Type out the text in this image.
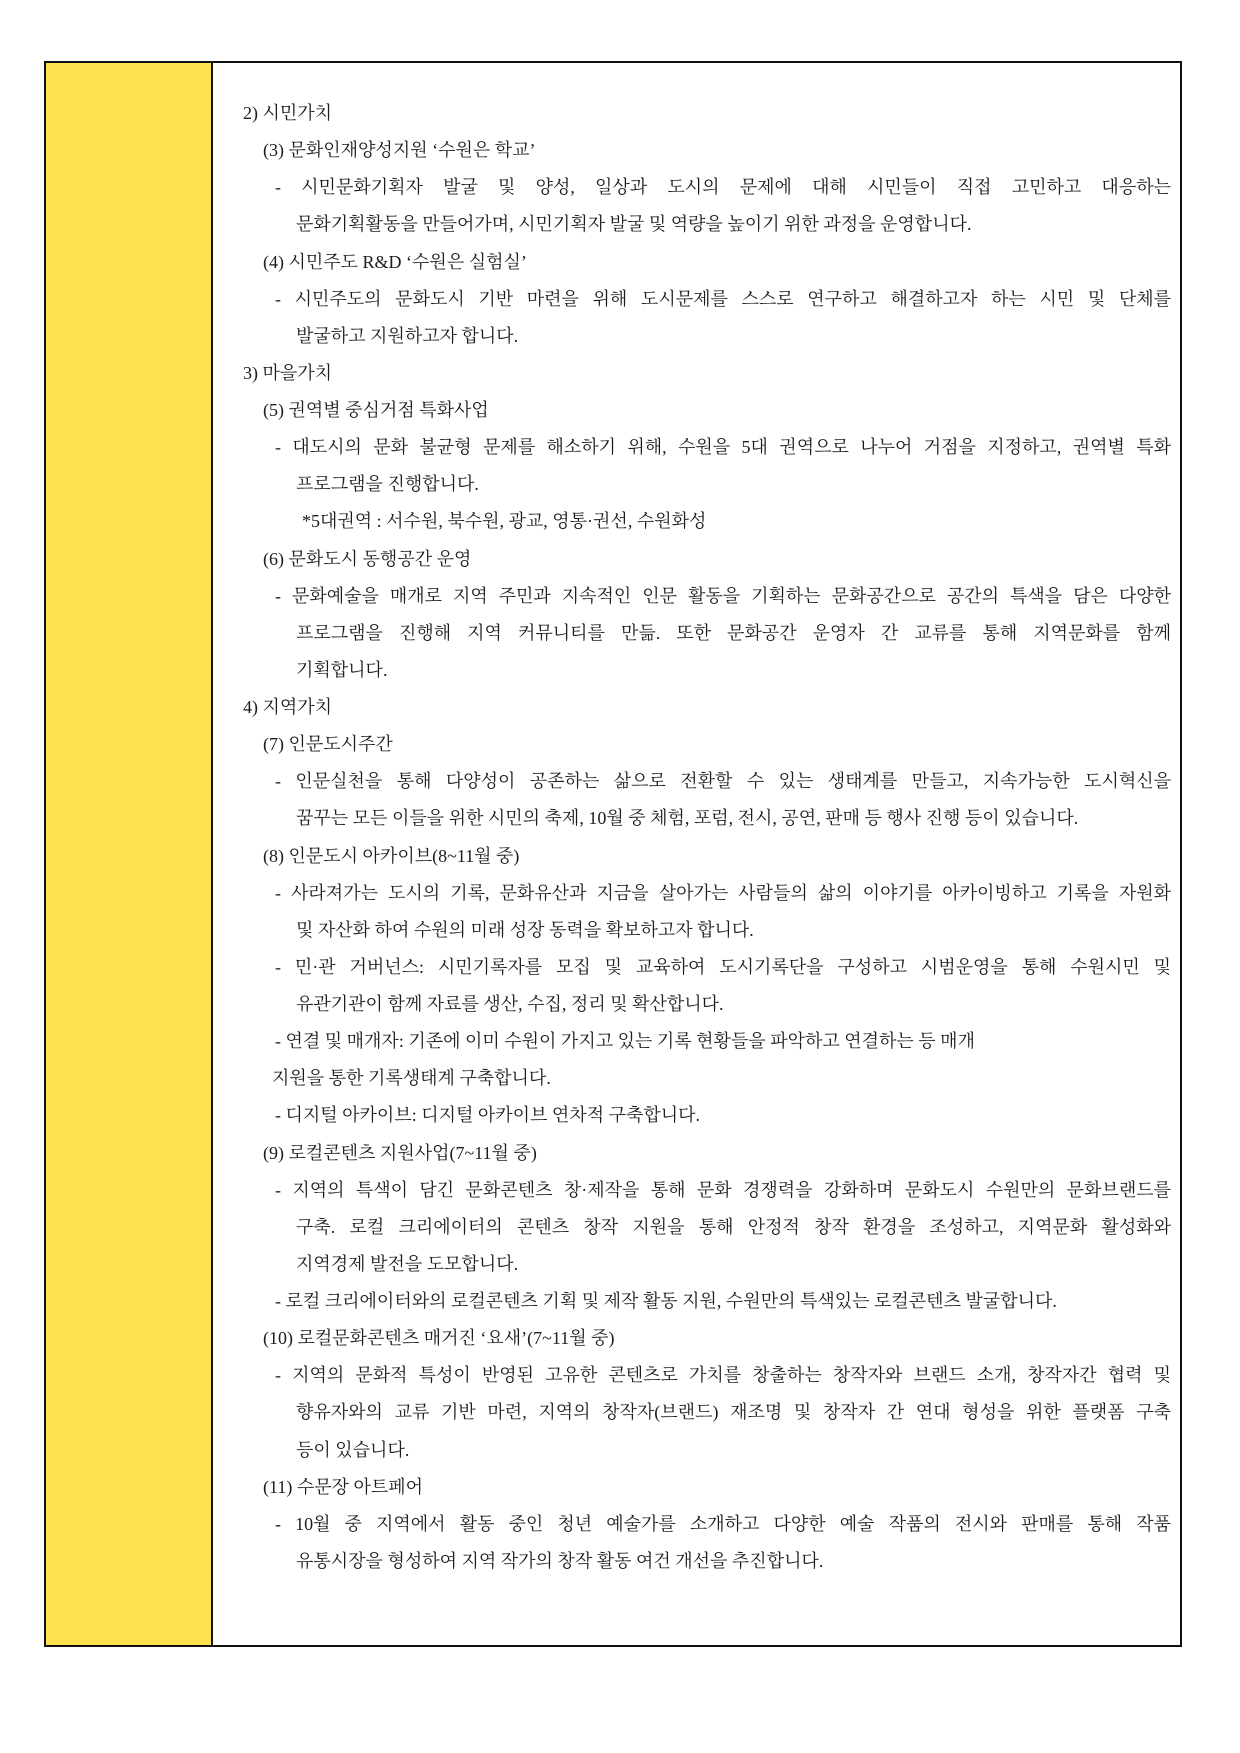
2) 시민가치
(3) 문화인재양성지원 ‘수원은 학교’
- 시민문화기획자 발굴 및 양성, 일상과 도시의 문제에 대해 시민들이 직접 고민하고 대응하는
문화기획활동을 만들어가며, 시민기획자 발굴 및 역량을 높이기 위한 과정을 운영합니다.
(4) 시민주도 R&D ‘수원은 실험실’
- 시민주도의 문화도시 기반 마련을 위해 도시문제를 스스로 연구하고 해결하고자 하는 시민 및 단체를
발굴하고 지원하고자 합니다.
3) 마을가치
(5) 권역별 중심거점 특화사업
- 대도시의 문화 불균형 문제를 해소하기 위해, 수원을 5대 권역으로 나누어 거점을 지정하고, 권역별 특화
프로그램을 진행합니다.
*5대권역 : 서수원, 북수원, 광교, 영통·권선, 수원화성
(6) 문화도시 동행공간 운영
- 문화예술을 매개로 지역 주민과 지속적인 인문 활동을 기획하는 문화공간으로 공간의 특색을 담은 다양한
프로그램을 진행해 지역 커뮤니티를 만듦. 또한 문화공간 운영자 간 교류를 통해 지역문화를 함께
기획합니다.
4) 지역가치
(7) 인문도시주간
- 인문실천을 통해 다양성이 공존하는 삶으로 전환할 수 있는 생태계를 만들고, 지속가능한 도시혁신을
꿈꾸는 모든 이들을 위한 시민의 축제, 10월 중 체험, 포럼, 전시, 공연, 판매 등 행사 진행 등이 있습니다.
(8) 인문도시 아카이브(8~11월 중)
- 사라져가는 도시의 기록, 문화유산과 지금을 살아가는 사람들의 삶의 이야기를 아카이빙하고 기록을 자원화
및 자산화 하여 수원의 미래 성장 동력을 확보하고자 합니다.
- 민·관 거버넌스: 시민기록자를 모집 및 교육하여 도시기록단을 구성하고 시범운영을 통해 수원시민 및
유관기관이 함께 자료를 생산, 수집, 정리 및 확산합니다.
- 연결 및 매개자: 기존에 이미 수원이 가지고 있는 기록 현황들을 파악하고 연결하는 등 매개
지원을 통한 기록생태계 구축합니다.
- 디지털 아카이브: 디지털 아카이브 연차적 구축합니다.
(9) 로컬콘텐츠 지원사업(7~11월 중)
- 지역의 특색이 담긴 문화콘텐츠 창·제작을 통해 문화 경쟁력을 강화하며 문화도시 수원만의 문화브랜드를
구축. 로컬 크리에이터의 콘텐츠 창작 지원을 통해 안정적 창작 환경을 조성하고, 지역문화 활성화와
지역경제 발전을 도모합니다.
- 로컬 크리에이터와의 로컬콘텐츠 기획 및 제작 활동 지원, 수원만의 특색있는 로컬콘텐츠 발굴합니다.
(10) 로컬문화콘텐츠 매거진 ‘요새’(7~11월 중)
- 지역의 문화적 특성이 반영된 고유한 콘텐츠로 가치를 창출하는 창작자와 브랜드 소개, 창작자간 협력 및
향유자와의 교류 기반 마련, 지역의 창작자(브랜드) 재조명 및 창작자 간 연대 형성을 위한 플랫폼 구축
등이 있습니다.
(11) 수문장 아트페어
- 10월 중 지역에서 활동 중인 청년 예술가를 소개하고 다양한 예술 작품의 전시와 판매를 통해 작품
유통시장을 형성하여 지역 작가의 창작 활동 여건 개선을 추진합니다.
